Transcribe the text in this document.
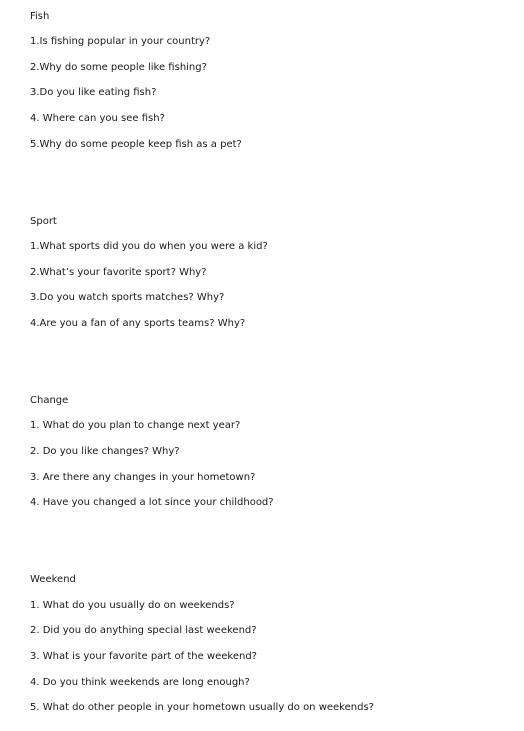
Fish
1.Is fishing popular in your country?
2.Why do some people like fishing?
3.Do you like eating fish?
4. Where can you see fish?
5.Why do some people keep fish as a pet?
Sport
1.What sports did you do when you were a kid?
2.What’s your favorite sport? Why?
3.Do you watch sports matches? Why?
4.Are you a fan of any sports teams? Why?
Change
1. What do you plan to change next year?
2. Do you like changes? Why?
3. Are there any changes in your hometown?
4. Have you changed a lot since your childhood?
Weekend
1. What do you usually do on weekends?
2. Did you do anything special last weekend?
3. What is your favorite part of the weekend?
4. Do you think weekends are long enough?
5. What do other people in your hometown usually do on weekends?
